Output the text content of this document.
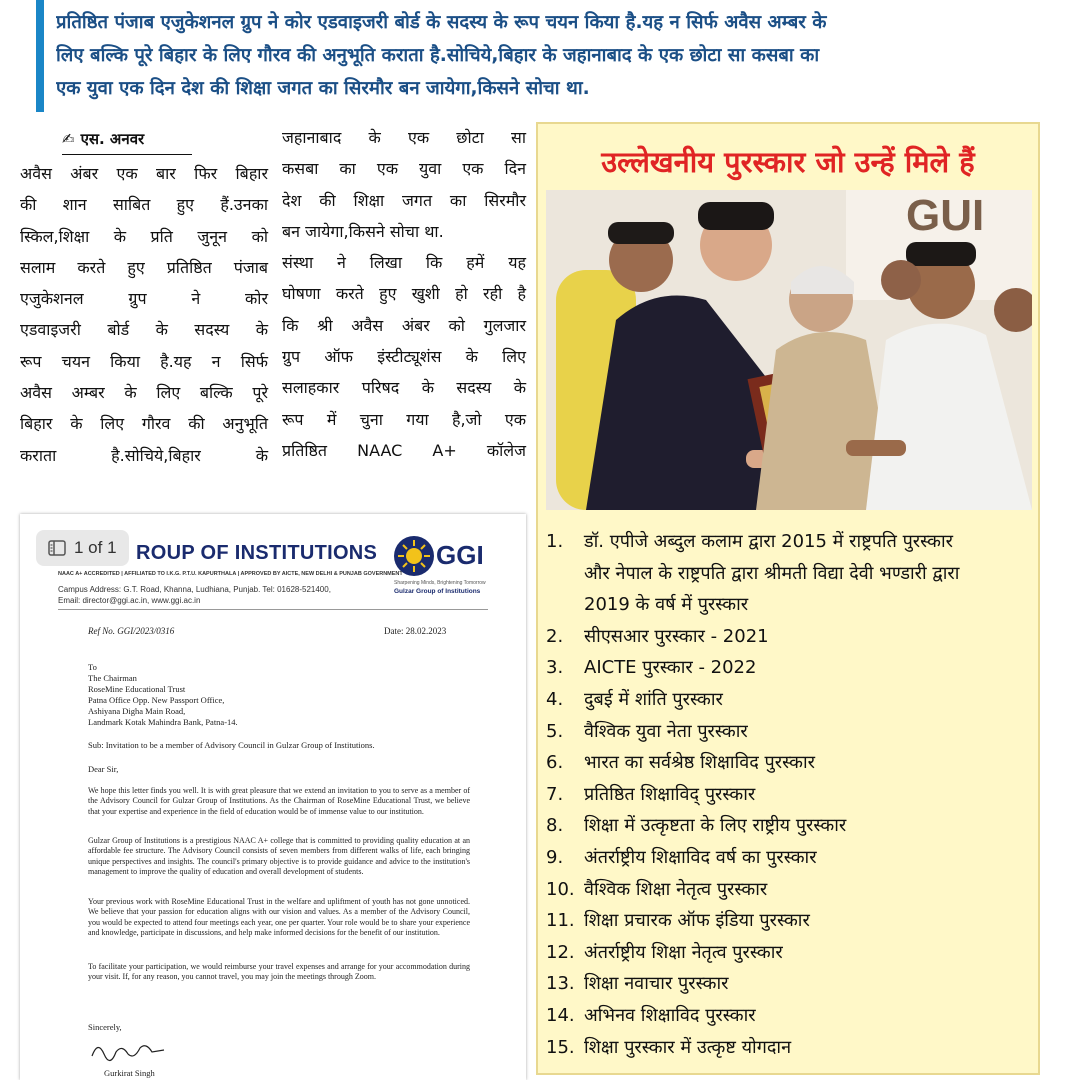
प्रतिष्ठित पंजाब एजुकेशनल ग्रुप ने कोर एडवाइजरी बोर्ड के सदस्य के रूप चयन किया है.यह न सिर्फ अवैस अम्बर के
लिए बल्कि पूरे बिहार के लिए गौरव की अनुभूति कराता है.सोचिये,बिहार के जहानाबाद के एक छोटा सा कसबा का
एक युवा एक दिन देश की शिक्षा जगत का सिरमौर बन जायेगा,किसने सोचा था.
✍ एस. अनवर
अवैस अंबर एक बार फिर बिहार
की शान साबित हुए हैं.उनका
स्किल,शिक्षा के प्रति जुनून को
सलाम करते हुए प्रतिष्ठित पंजाब
एजुकेशनल ग्रुप ने कोर
एडवाइजरी बोर्ड के सदस्य के
रूप चयन किया है.यह न सिर्फ
अवैस अम्बर के लिए बल्कि पूरे
बिहार के लिए गौरव की अनुभूति
कराता है.सोचिये,बिहार के
जहानाबाद के एक छोटा सा
कसबा का एक युवा एक दिन
देश की शिक्षा जगत का सिरमौर
बन जायेगा,किसने सोचा था.
संस्था ने लिखा कि हमें यह
घोषणा करते हुए खुशी हो रही है
कि श्री अवैस अंबर को गुलजार
ग्रुप ऑफ इंस्टीट्यूशंस के लिए
सलाहकार परिषद के सदस्य के
रूप में चुना गया है,जो एक
प्रतिष्ठित NAAC A+ कॉलेज
उल्लेखनीय पुरस्कार जो उन्हें मिले हैं
GUI
1.	डॉ. एपीजे अब्दुल कलाम द्वारा 2015 में राष्ट्रपति पुरस्कार
और नेपाल के राष्ट्रपति द्वारा श्रीमती विद्या देवी भण्डारी द्वारा
2019 के वर्ष में पुरस्कार
2.	सीएसआर पुरस्कार - 2021
3.	AICTE पुरस्कार - 2022
4.	दुबई में शांति पुरस्कार
5.	वैश्विक युवा नेता पुरस्कार
6.	भारत का सर्वश्रेष्ठ शिक्षाविद पुरस्कार
7.	प्रतिष्ठित शिक्षाविद् पुरस्कार
8.	शिक्षा में उत्कृष्टता के लिए राष्ट्रीय पुरस्कार
9.	अंतर्राष्ट्रीय शिक्षाविद वर्ष का पुरस्कार
10. वैश्विक शिक्षा नेतृत्व पुरस्कार
11. शिक्षा प्रचारक ऑफ इंडिया पुरस्कार
12. अंतर्राष्ट्रीय शिक्षा नेतृत्व पुरस्कार
13. शिक्षा नवाचार पुरस्कार
14. अभिनव शिक्षाविद पुरस्कार
15. शिक्षा पुरस्कार में उत्कृष्ट योगदान
ROUP OF INSTITUTIONS
1 of 1
NAAC A+ ACCREDITED | AFFILIATED TO I.K.G. P.T.U. KAPURTHALA | APPROVED BY AICTE, NEW DELHI & PUNJAB GOVERNMENT
Campus Address: G.T. Road, Khanna, Ludhiana, Punjab. Tel: 01628-521400,
Email: director@ggi.ac.in, www.ggi.ac.in
GGI
Sharpening Minds, Brightening Tomorrow
Gulzar Group of Institutions
Ref No. GGI/2023/0316	Date: 28.02.2023
To
The Chairman
RoseMine Educational Trust
Patna Office Opp. New Passport Office,
Ashiyana Digha Main Road,
Landmark Kotak Mahindra Bank, Patna-14.
Sub: Invitation to be a member of Advisory Council in Gulzar Group of Institutions.
Dear Sir,
We hope this letter finds you well. It is with great pleasure that we extend an invitation to you to serve as a member of the Advisory Council for Gulzar Group of Institutions. As the Chairman of RoseMine Educational Trust, we believe that your expertise and experience in the field of education would be of immense value to our institution.
Gulzar Group of Institutions is a prestigious NAAC A+ college that is committed to providing quality education at an affordable fee structure. The Advisory Council consists of seven members from different walks of life, each bringing unique perspectives and insights. The council's primary objective is to provide guidance and advice to the institution's management to improve the quality of education and overall development of students.
Your previous work with RoseMine Educational Trust in the welfare and upliftment of youth has not gone unnoticed. We believe that your passion for education aligns with our vision and values. As a member of the Advisory Council, you would be expected to attend four meetings each year, one per quarter. Your role would be to share your experience and knowledge, participate in discussions, and help make informed decisions for the benefit of our institution.
To facilitate your participation, we would reimburse your travel expenses and arrange for your accommodation during your visit. If, for any reason, you cannot travel, you may join the meetings through Zoom.
Sincerely,
Gurkirat Singh
